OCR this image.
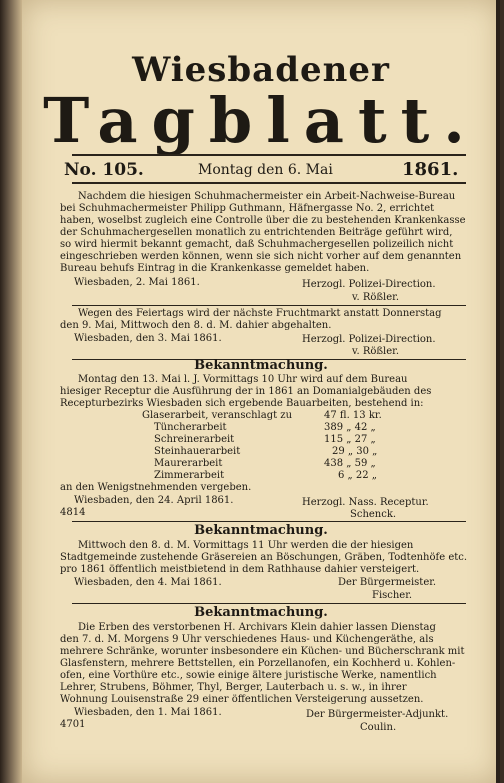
Wiesbadener
Tagblatt.
No. 105.	Montag den 6. Mai	1861.
Nachdem die hiesigen Schuhmachermeister ein Arbeit-Nachweise-Bureau
bei Schuhmachermeister Philipp Guthmann, Häfnergasse No. 2, errichtet
haben, woselbst zugleich eine Controlle über die zu bestehenden Krankenkasse
der Schuhmachergesellen monatlich zu entrichtenden Beiträge geführt wird,
so wird hiermit bekannt gemacht, daß Schuhmachergesellen polizeilich nicht
eingeschrieben werden können, wenn sie sich nicht vorher auf dem genannten
Bureau behufs Eintrag in die Krankenkasse gemeldet haben.
Wiesbaden, 2. Mai 1861.	Herzogl. Polizei-Direction.
v. Rößler.
Wegen des Feiertags wird der nächste Fruchtmarkt anstatt Donnerstag
den 9. Mai, Mittwoch den 8. d. M. dahier abgehalten.
Wiesbaden, den 3. Mai 1861.	Herzogl. Polizei-Direction.
v. Rößler.
Bekanntmachung.
Montag den 13. Mai l. J. Vormittags 10 Uhr wird auf dem Bureau
hiesiger Receptur die Ausführung der in 1861 an Domanialgebäuden des
Recepturbezirks Wiesbaden sich ergebende Bauarbeiten, bestehend in:
Glaserarbeit, veranschlagt zu	47 fl. 13 kr.
Tüncherarbeit	389 „ 42 „
Schreinerarbeit	115 „ 27 „
Steinhauerarbeit	29 „ 30 „
Maurerarbeit	438 „ 59 „
Zimmerarbeit	6 „ 22 „
an den Wenigstnehmenden vergeben.
Wiesbaden, den 24. April 1861.	Herzogl. Nass. Receptur.
4814	Schenck.
Bekanntmachung.
Mittwoch den 8. d. M. Vormittags 11 Uhr werden die der hiesigen
Stadtgemeinde zustehende Gräsereien an Böschungen, Gräben, Todtenhöfe etc.
pro 1861 öffentlich meistbietend in dem Rathhause dahier versteigert.
Wiesbaden, den 4. Mai 1861.	Der Bürgermeister.
Fischer.
Bekanntmachung.
Die Erben des verstorbenen H. Archivars Klein dahier lassen Dienstag
den 7. d. M. Morgens 9 Uhr verschiedenes Haus- und Küchengeräthe, als
mehrere Schränke, worunter insbesondere ein Küchen- und Bücherschrank mit
Glasfenstern, mehrere Bettstellen, ein Porzellanofen, ein Kochherd u. Kohlen-
ofen, eine Vorthüre etc., sowie einige ältere juristische Werke, namentlich
Lehrer, Strubens, Böhmer, Thyl, Berger, Lauterbach u. s. w., in ihrer
Wohnung Louisenstraße 29 einer öffentlichen Versteigerung aussetzen.
Wiesbaden, den 1. Mai 1861.	Der Bürgermeister-Adjunkt.
4701	Coulin.
